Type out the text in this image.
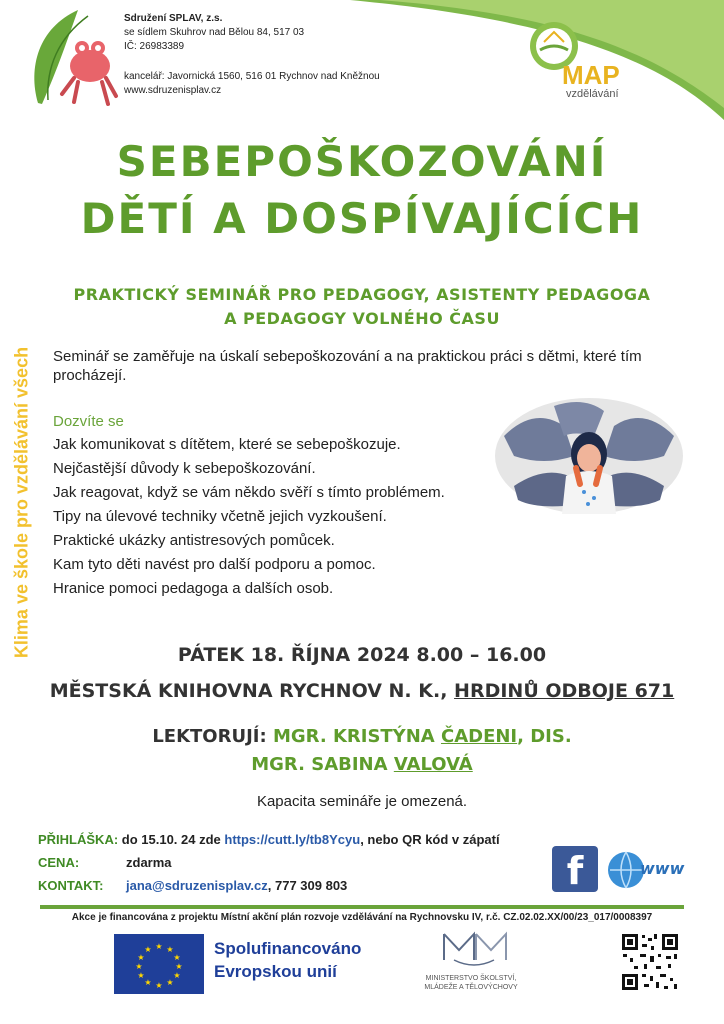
Sdružení SPLAV, z.s.
se sídlem Skuhrov nad Bělou 84, 517 03
IČ: 26983389
kancelář: Javornická 1560, 516 01 Rychnov nad Kněžnou
www.sdruzenisplav.cz
MAP
vzdělávání
SEBEPOŠKOZOVÁNÍ
DĚTÍ A DOSPÍVAJÍCÍCH
PRAKTICKÝ SEMINÁŘ PRO PEDAGOGY, ASISTENTY PEDAGOGA
A PEDAGOGY VOLNÉHO ČASU
Klima ve škole pro vzdělávání všech Seminář se zaměřuje na úskalí sebepoškozování a na praktickou práci s dětmi, které tím procházejí.
Dozvíte se
Jak komunikovat s dítětem, které se sebepoškozuje.
Nejčastější důvody k sebepoškozování.
Jak reagovat, když se vám někdo svěří s tímto problémem.
Tipy na úlevové techniky včetně jejich vyzkoušení.
Praktické ukázky antistresových pomůcek.
Kam tyto děti navést pro další podporu a pomoc.
Hranice pomoci pedagoga a dalších osob.
PÁTEK 18. ŘÍJNA 2024 8.00 – 16.00
MĚSTSKÁ KNIHOVNA RYCHNOV N. K., HRDINŮ ODBOJE 671
LEKTORUJÍ: MGR. KRISTÝNA ČADENI, DIS.
MGR. SABINA VALOVÁ
Kapacita semináře je omezená.
PŘIHLÁŠKA: do 15.10. 24 zde https://cutt.ly/tb8Ycyu, nebo QR kód v zápatí
CENA:	zdarma
KONTAKT: jana@sdruzenisplav.cz, 777 309 803	f	www
Akce je financována z projektu Místní akční plán rozvoje vzdělávání na Rychnovsku IV, r.č. CZ.02.02.XX/00/23_017/0008397
★ ★
★
★
★
★
★
★
★
★
★
★	Spolufinancováno
Evropskou unií	MINISTERSTVO ŠKOLSTVÍ,
MLÁDEŽE A TĚLOVÝCHOVY
